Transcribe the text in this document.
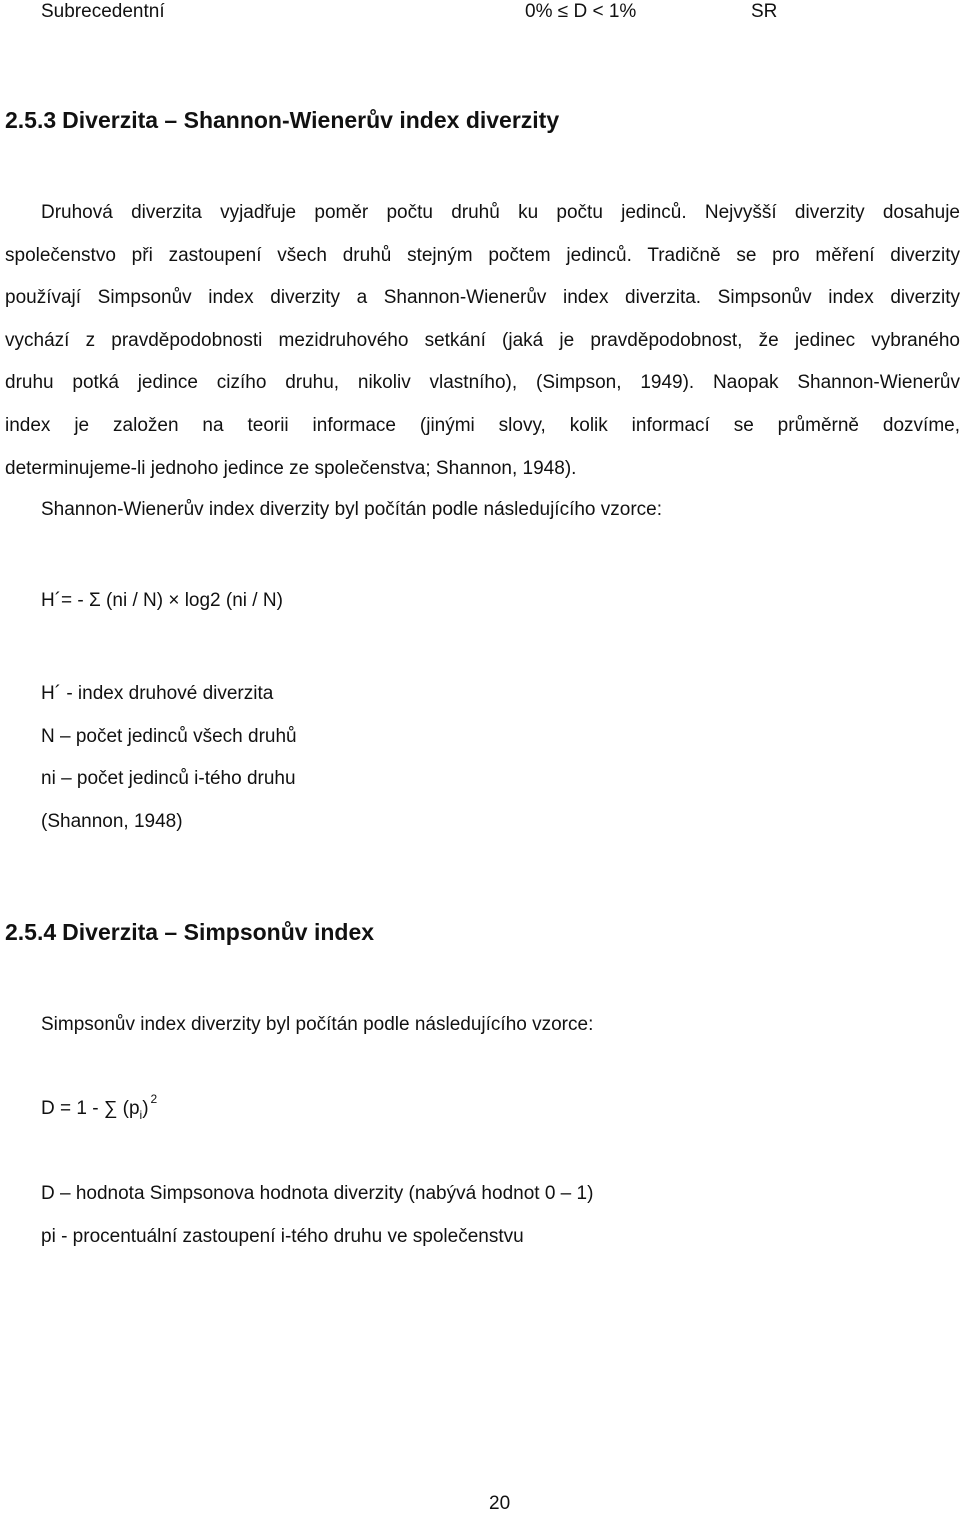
Subrecedentní	0% ≤ D < 1%	SR
2.5.3 Diverzita – Shannon-Wienerův index diverzity
Druhová diverzita vyjadřuje poměr počtu druhů ku počtu jedinců. Nejvyšší diverzity dosahuje
společenstvo při zastoupení všech druhů stejným počtem jedinců. Tradičně se pro měření diverzity
používají Simpsonův index diverzity a Shannon-Wienerův index diverzita. Simpsonův index diverzity
vychází z pravděpodobnosti mezidruhového setkání (jaká je pravděpodobnost, že jedinec vybraného
druhu potká jedince cizího druhu, nikoliv vlastního), (Simpson, 1949). Naopak Shannon-Wienerův
index je založen na teorii informace (jinými slovy, kolik informací se průměrně dozvíme,
determinujeme-li jednoho jedince ze společenstva; Shannon, 1948).
Shannon-Wienerův index diverzity byl počítán podle následujícího vzorce:
H´= - Σ (ni / N) × log2 (ni / N)
H´ - index druhové diverzita
N – počet jedinců všech druhů
ni – počet jedinců i-tého druhu
(Shannon, 1948)
2.5.4 Diverzita – Simpsonův index
Simpsonův index diverzity byl počítán podle následujícího vzorce:
D = 1 - ∑ $(p_i)$ $^2$
D – hodnota Simpsonova hodnota diverzity (nabývá hodnot 0 – 1)
pi - procentuální zastoupení i-tého druhu ve společenstvu
20
